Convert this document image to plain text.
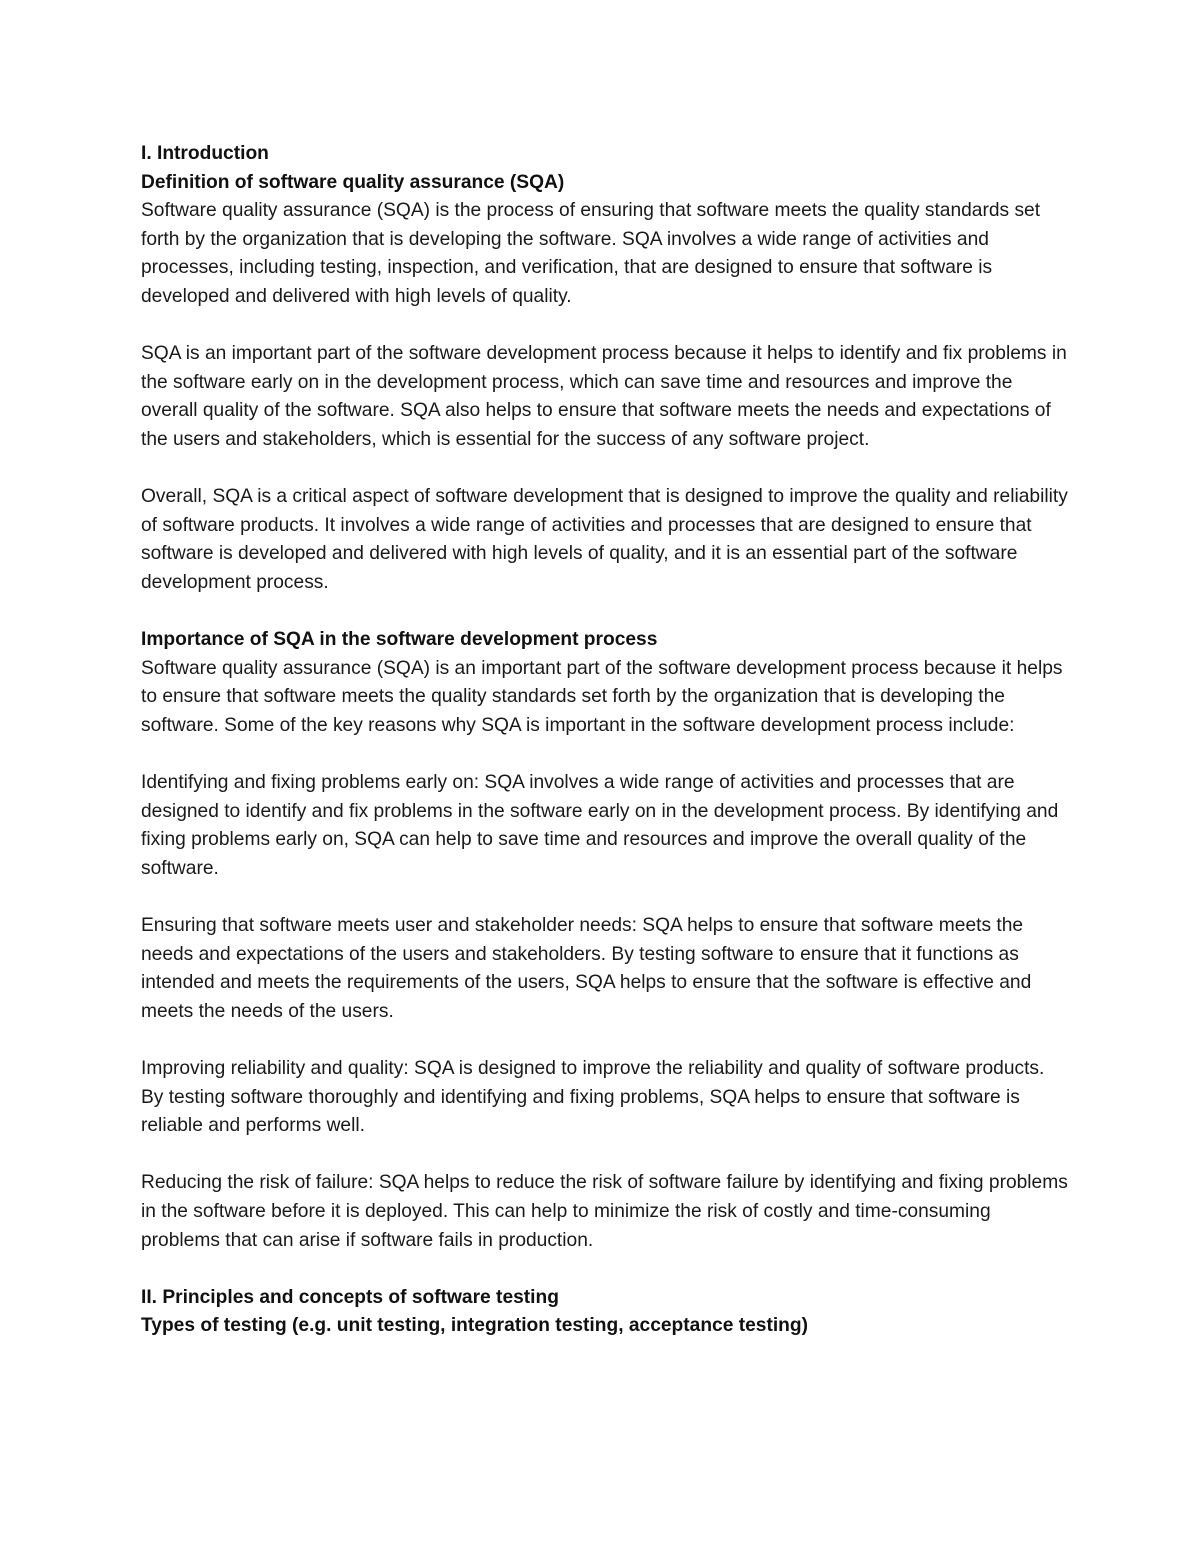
I. Introduction

Definition of software quality assurance (SQA)

Software quality assurance (SQA) is the process of ensuring that software meets the quality standards set forth by the organization that is developing the software. SQA involves a wide range of activities and processes, including testing, inspection, and verification, that are designed to ensure that software is developed and delivered with high levels of quality.

SQA is an important part of the software development process because it helps to identify and fix problems in the software early on in the development process, which can save time and resources and improve the overall quality of the software. SQA also helps to ensure that software meets the needs and expectations of the users and stakeholders, which is essential for the success of any software project.

Overall, SQA is a critical aspect of software development that is designed to improve the quality and reliability of software products. It involves a wide range of activities and processes that are designed to ensure that software is developed and delivered with high levels of quality, and it is an essential part of the software development process.

Importance of SQA in the software development process

Software quality assurance (SQA) is an important part of the software development process because it helps to ensure that software meets the quality standards set forth by the organization that is developing the software. Some of the key reasons why SQA is important in the software development process include:

Identifying and fixing problems early on: SQA involves a wide range of activities and processes that are designed to identify and fix problems in the software early on in the development process. By identifying and fixing problems early on, SQA can help to save time and resources and improve the overall quality of the software.

Ensuring that software meets user and stakeholder needs: SQA helps to ensure that software meets the needs and expectations of the users and stakeholders. By testing software to ensure that it functions as intended and meets the requirements of the users, SQA helps to ensure that the software is effective and meets the needs of the users.

Improving reliability and quality: SQA is designed to improve the reliability and quality of software products. By testing software thoroughly and identifying and fixing problems, SQA helps to ensure that software is reliable and performs well.

Reducing the risk of failure: SQA helps to reduce the risk of software failure by identifying and fixing problems in the software before it is deployed. This can help to minimize the risk of costly and time-consuming problems that can arise if software fails in production.

II. Principles and concepts of software testing

Types of testing (e.g. unit testing, integration testing, acceptance testing)
